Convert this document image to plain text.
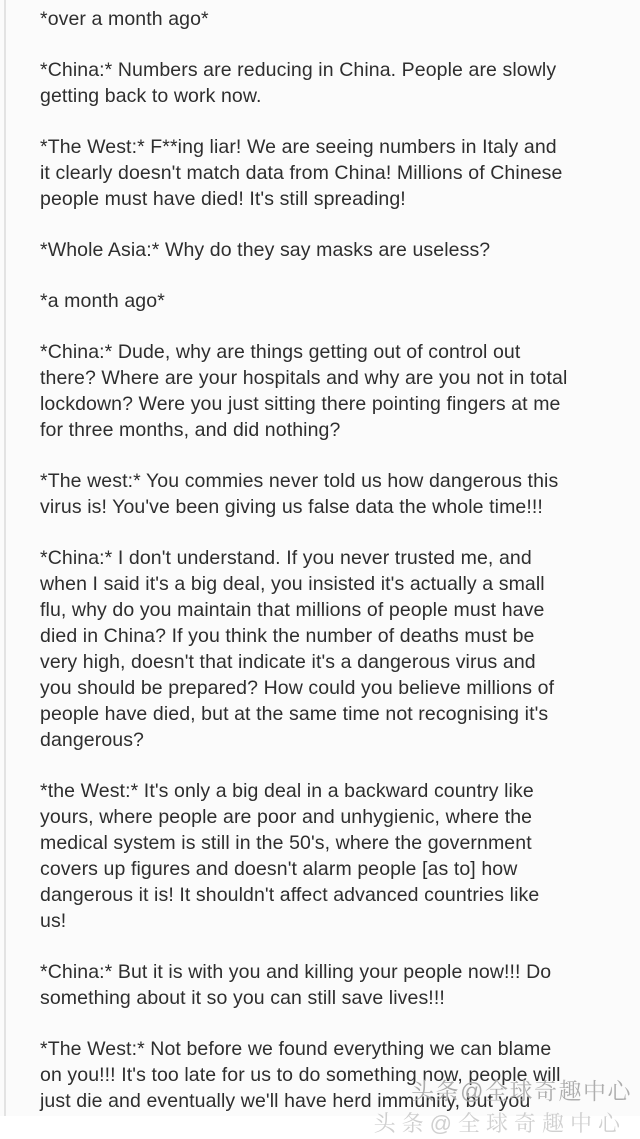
*over a month ago*
*China:* Numbers are reducing in China. People are slowly
getting back to work now.
*The West:* F**ing liar! We are seeing numbers in Italy and
it clearly doesn't match data from China! Millions of Chinese
people must have died! It's still spreading!
*Whole Asia:* Why do they say masks are useless?
*a month ago*
*China:* Dude, why are things getting out of control out
there? Where are your hospitals and why are you not in total
lockdown? Were you just sitting there pointing fingers at me
for three months, and did nothing?
*The west:* You commies never told us how dangerous this
virus is! You've been giving us false data the whole time!!!
*China:* I don't understand. If you never trusted me, and
when I said it's a big deal, you insisted it's actually a small
flu, why do you maintain that millions of people must have
died in China? If you think the number of deaths must be
very high, doesn't that indicate it's a dangerous virus and
you should be prepared? How could you believe millions of
people have died, but at the same time not recognising it's
dangerous?
*the West:* It's only a big deal in a backward country like
yours, where people are poor and unhygienic, where the
medical system is still in the 50's, where the government
covers up figures and doesn't alarm people [as to] how
dangerous it is! It shouldn't affect advanced countries like
us!
*China:* But it is with you and killing your people now!!! Do
something about it so you can still save lives!!!
*The West:* Not before we found everything we can blame
on you!!! It's too late for us to do something now, people will
just die and eventually we'll have herd immunity, but you
头条@全球奇趣中心
头条@全球奇趣中心
